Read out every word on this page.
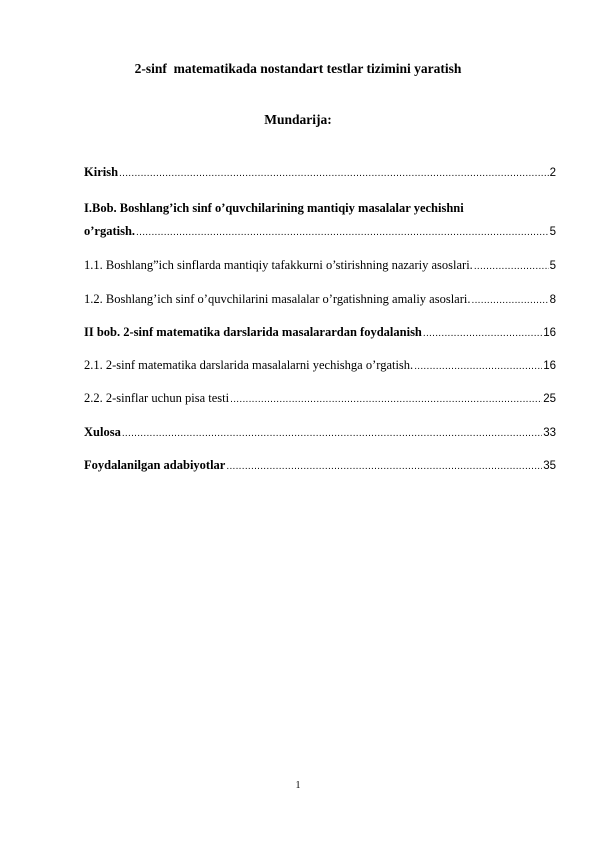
2-sinf  matematikada nostandart testlar tizimini yaratish
Mundarija:
Kirish .....	2
I.Bob. Boshlang’ich sinf o’quvchilarining mantiqiy masalalar yechishni
o’rgatish. .....	5
1.1. Boshlang”ich sinflarda mantiqiy tafakkurni o’stirishning nazariy asoslari. .....	5
1.2. Boshlang’ich sinf o’quvchilarini masalalar o’rgatishning amaliy asoslari. .....	8
II bob. 2-sinf matematika darslarida masalarardan foydalanish .....	16
2.1. 2-sinf matematika darslarida masalalarni yechishga o’rgatish. .....	16
2.2. 2-sinflar uchun pisa testi .....	25
Xulosa .....	33
Foydalanilgan adabiyotlar .....	35
1
